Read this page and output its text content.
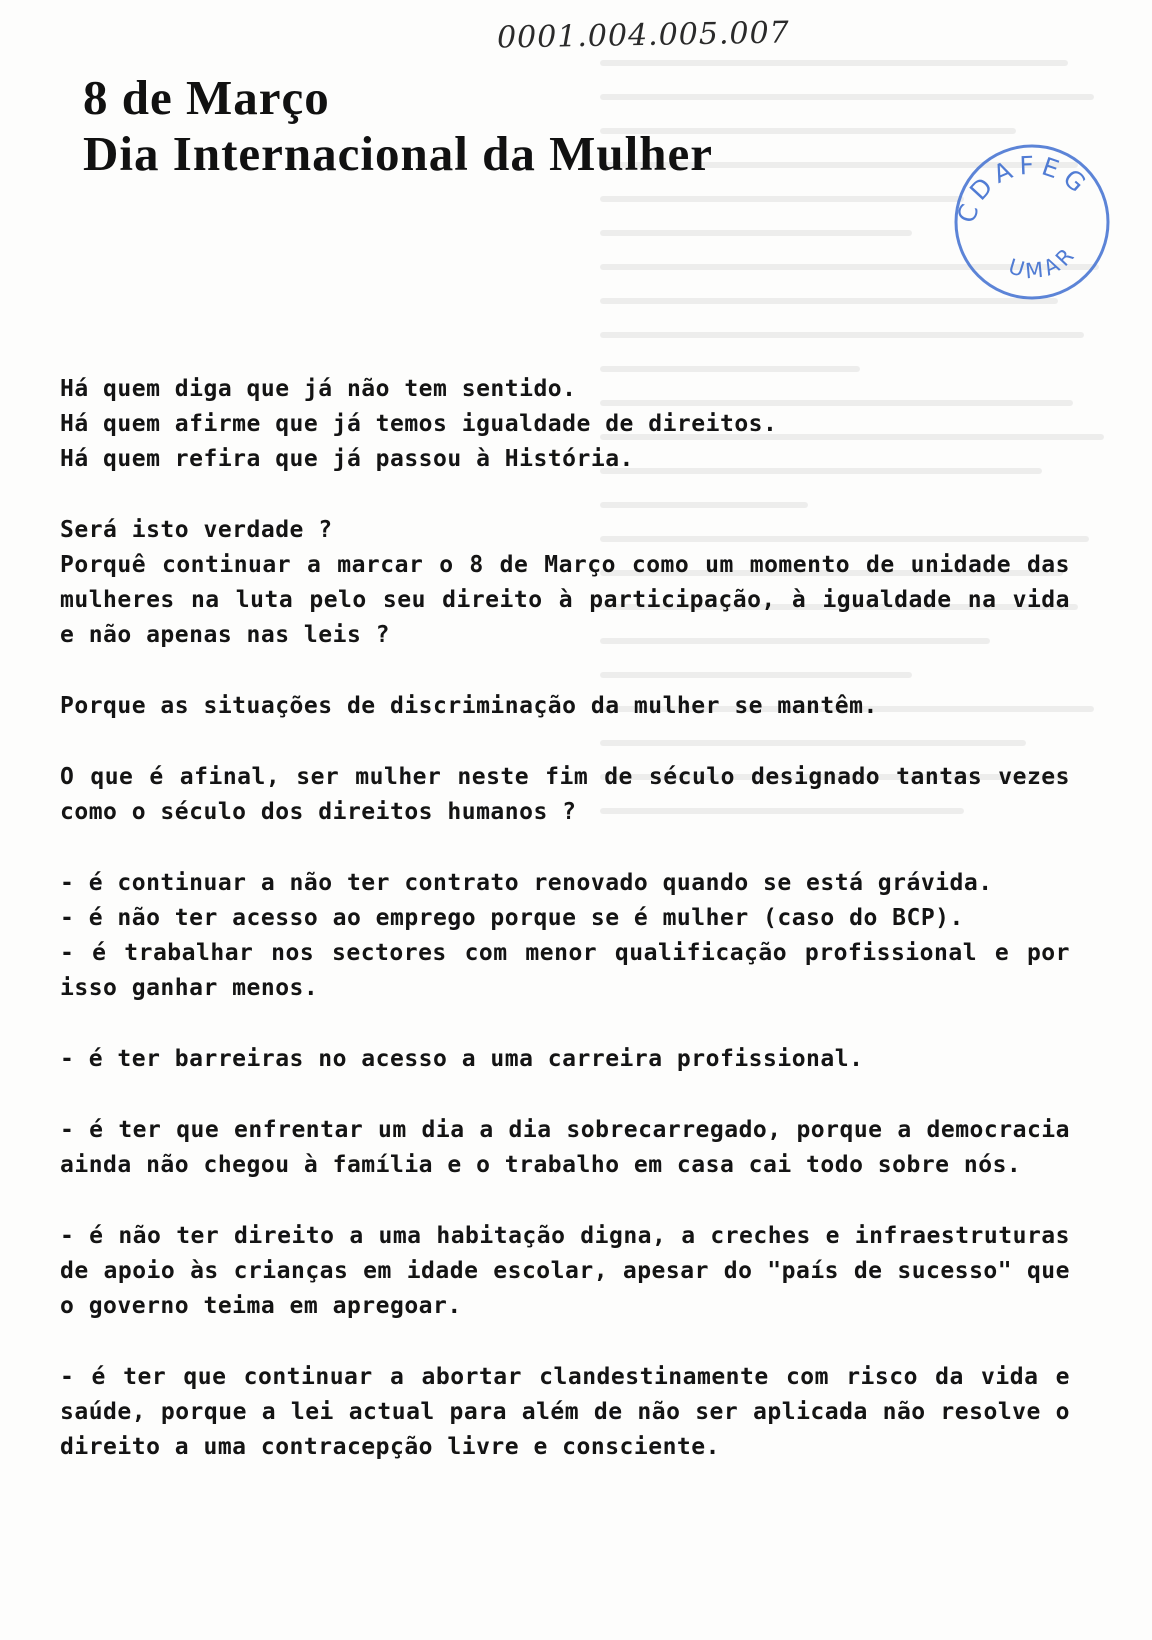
0001.004.005.007
8 de Março
Dia Internacional da Mulher
CDAFEG
UMAR
Há quem diga que já não tem sentido.
Há quem afirme que já temos igualdade de direitos.
Há quem refira que já passou à História.
Será isto verdade ?
Porquê continuar a marcar o 8 de Março como um momento de unidade das mulheres na luta pelo seu direito à participação, à igualdade na vida e não apenas nas leis ?
Porque as situações de discriminação da mulher se mantêm.
O que é afinal, ser mulher neste fim de século designado tantas vezes como o século dos direitos humanos ?
- é continuar a não ter contrato renovado quando se está grávida.
- é não ter acesso ao emprego porque se é mulher (caso do BCP).
- é trabalhar nos sectores com menor qualificação profissional e por isso ganhar menos.
- é ter barreiras no acesso a uma carreira profissional.
- é ter que enfrentar um dia a dia sobrecarregado, porque a democracia ainda não chegou à família e o trabalho em casa cai todo sobre nós.
- é não ter direito a uma habitação digna, a creches e infraestruturas de apoio às crianças em idade escolar, apesar do "país de sucesso" que o governo teima em apregoar.
- é ter que continuar a abortar clandestinamente com risco da vida e saúde, porque a lei actual para além de não ser aplicada não resolve o direito a uma contracepção livre e consciente.
